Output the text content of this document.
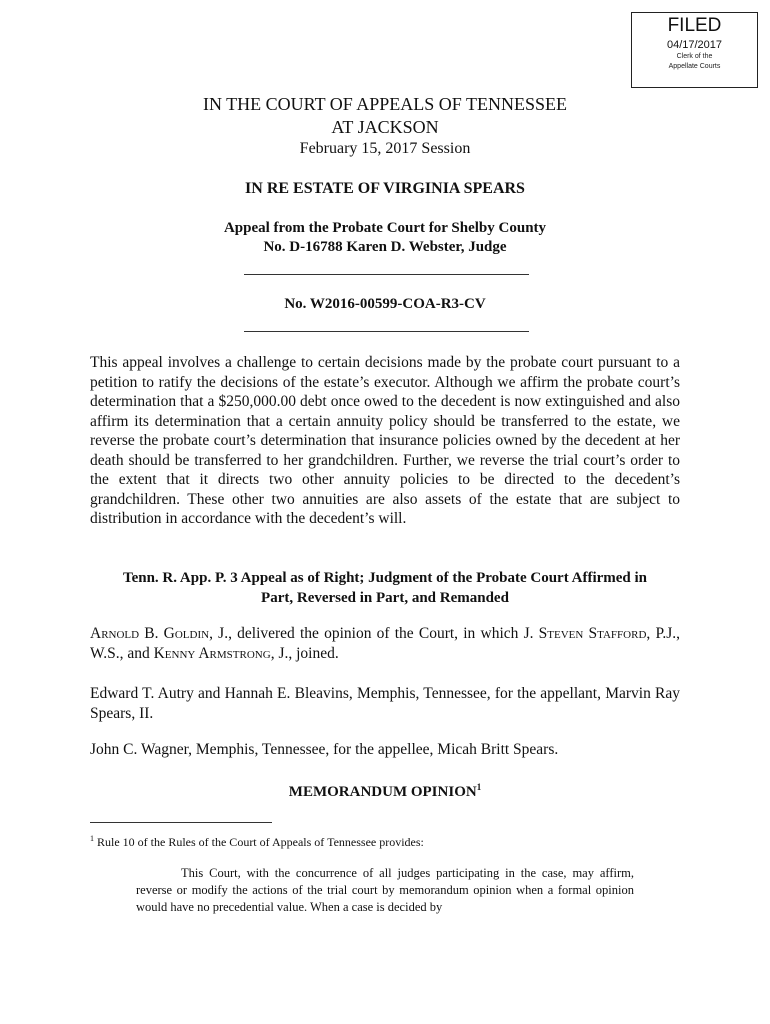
FILED
04/17/2017
Clerk of the
Appellate Courts
IN THE COURT OF APPEALS OF TENNESSEE
AT JACKSON
February 15, 2017 Session
IN RE ESTATE OF VIRGINIA SPEARS
Appeal from the Probate Court for Shelby County
No. D-16788 Karen D. Webster, Judge
No. W2016-00599-COA-R3-CV
This appeal involves a challenge to certain decisions made by the probate court pursuant to a petition to ratify the decisions of the estate’s executor. Although we affirm the probate court’s determination that a $250,000.00 debt once owed to the decedent is now extinguished and also affirm its determination that a certain annuity policy should be transferred to the estate, we reverse the probate court’s determination that insurance policies owned by the decedent at her death should be transferred to her grandchildren. Further, we reverse the trial court’s order to the extent that it directs two other annuity policies to be directed to the decedent’s grandchildren. These other two annuities are also assets of the estate that are subject to distribution in accordance with the decedent’s will.
Tenn. R. App. P. 3 Appeal as of Right; Judgment of the Probate Court Affirmed in
Part, Reversed in Part, and Remanded
Arnold B. Goldin, J., delivered the opinion of the Court, in which J. Steven Stafford, P.J., W.S., and Kenny Armstrong, J., joined.
Edward T. Autry and Hannah E. Bleavins, Memphis, Tennessee, for the appellant, Marvin Ray Spears, II.
John C. Wagner, Memphis, Tennessee, for the appellee, Micah Britt Spears.
MEMORANDUM OPINION$^1$
$^1$ Rule 10 of the Rules of the Court of Appeals of Tennessee provides:
This Court, with the concurrence of all judges participating in the case, may affirm, reverse or modify the actions of the trial court by memorandum opinion when a formal opinion would have no precedential value. When a case is decided by
